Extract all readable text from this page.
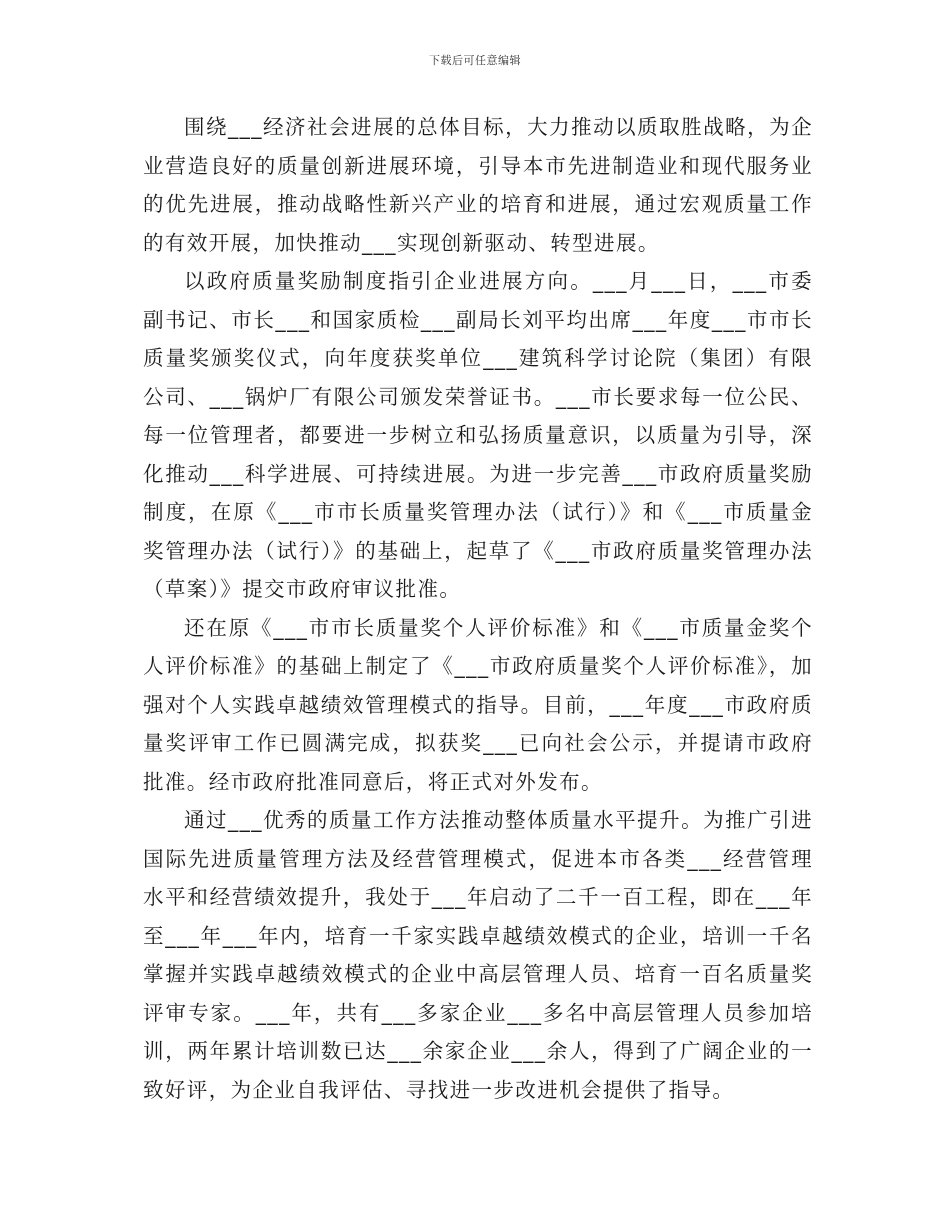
下载后可任意编辑

围绕___经济社会进展的总体目标，大力推动以质取胜战略，为企业营造良好的质量创新进展环境，引导本市先进制造业和现代服务业的优先进展，推动战略性新兴产业的培育和进展，通过宏观质量工作的有效开展，加快推动___实现创新驱动、转型进展。

以政府质量奖励制度指引企业进展方向。___月___日，___市委副书记、市长___和国家质检___副局长刘平均出席___年度___市市长质量奖颁奖仪式，向年度获奖单位___建筑科学讨论院（集团）有限公司、___锅炉厂有限公司颁发荣誉证书。___市长要求每一位公民、每一位管理者，都要进一步树立和弘扬质量意识，以质量为引导，深化推动___科学进展、可持续进展。为进一步完善___市政府质量奖励制度，在原《___市市长质量奖管理办法（试行）》和《___市质量金奖管理办法（试行）》的基础上，起草了《___市政府质量奖管理办法（草案）》提交市政府审议批准。

还在原《___市市长质量奖个人评价标准》和《___市质量金奖个人评价标准》的基础上制定了《___市政府质量奖个人评价标准》，加强对个人实践卓越绩效管理模式的指导。目前，___年度___市政府质量奖评审工作已圆满完成，拟获奖___已向社会公示，并提请市政府批准。经市政府批准同意后，将正式对外发布。

通过___优秀的质量工作方法推动整体质量水平提升。为推广引进国际先进质量管理方法及经营管理模式，促进本市各类___经营管理水平和经营绩效提升，我处于___年启动了二千一百工程，即在___年至___年___年内，培育一千家实践卓越绩效模式的企业，培训一千名掌握并实践卓越绩效模式的企业中高层管理人员、培育一百名质量奖评审专家。___年，共有___多家企业___多名中高层管理人员参加培训，两年累计培训数已达___余家企业___余人，得到了广阔企业的一致好评，为企业自我评估、寻找进一步改进机会提供了指导。
